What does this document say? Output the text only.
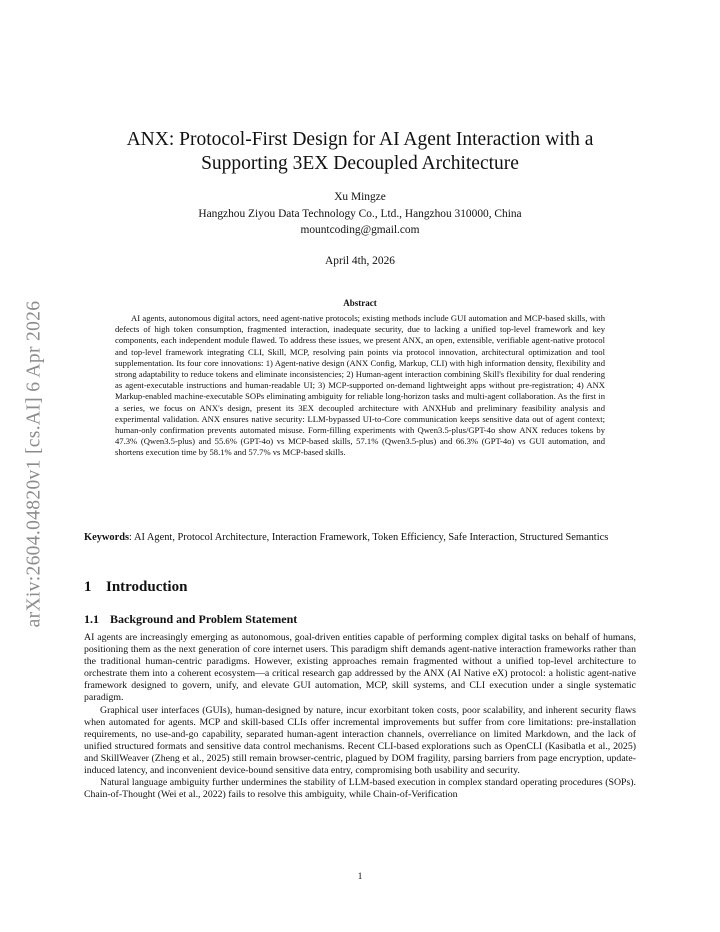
arXiv:2604.04820v1 [cs.AI] 6 Apr 2026
ANX: Protocol-First Design for AI Agent Interaction with a
Supporting 3EX Decoupled Architecture
Xu Mingze
Hangzhou Ziyou Data Technology Co., Ltd., Hangzhou 310000, China
mountcoding@gmail.com
April 4th, 2026
Abstract

AI agents, autonomous digital actors, need agent-native protocols; existing methods include GUI automation and MCP-based skills, with defects of high token consumption, fragmented interaction, inadequate security, due to lacking a unified top-level framework and key components, each independent module flawed. To address these issues, we present ANX, an open, extensible, verifiable agent-native protocol and top-level framework integrating CLI, Skill, MCP, resolving pain points via protocol innovation, architectural optimization and tool supplementation. Its four core innovations: 1) Agent-native design (ANX Config, Markup, CLI) with high information density, flexibility and strong adaptability to reduce tokens and eliminate inconsistencies; 2) Human-agent interaction combining Skill's flexibility for dual rendering as agent-executable instructions and human-readable UI; 3) MCP-supported on-demand lightweight apps without pre-registration; 4) ANX Markup-enabled machine-executable SOPs eliminating ambiguity for reliable long-horizon tasks and multi-agent collaboration. As the first in a series, we focus on ANX's design, present its 3EX decoupled architecture with ANXHub and preliminary feasibility analysis and experimental validation. ANX ensures native security: LLM-bypassed UI-to-Core communication keeps sensitive data out of agent context; human-only confirmation prevents automated misuse. Form-filling experiments with Qwen3.5-plus/GPT-4o show ANX reduces tokens by 47.3% (Qwen3.5-plus) and 55.6% (GPT-4o) vs MCP-based skills, 57.1% (Qwen3.5-plus) and 66.3% (GPT-4o) vs GUI automation, and shortens execution time by 58.1% and 57.7% vs MCP-based skills.

Keywords: AI Agent, Protocol Architecture, Interaction Framework, Token Efficiency, Safe Interaction, Structured Semantics

1 Introduction
1.1 Background and Problem Statement

AI agents are increasingly emerging as autonomous, goal-driven entities capable of performing complex digital tasks on behalf of humans, positioning them as the next generation of core internet users. This paradigm shift demands agent-native interaction frameworks rather than the traditional human-centric paradigms. However, existing approaches remain fragmented without a unified top-level architecture to orchestrate them into a coherent ecosystem—a critical research gap addressed by the ANX (AI Native eX) protocol: a holistic agent-native framework designed to govern, unify, and elevate GUI automation, MCP, skill systems, and CLI execution under a single systematic paradigm.

Graphical user interfaces (GUIs), human-designed by nature, incur exorbitant token costs, poor scalability, and inherent security flaws when automated for agents. MCP and skill-based CLIs offer incremental improvements but suffer from core limitations: pre-installation requirements, no use-and-go capability, separated human-agent interaction channels, overreliance on limited Markdown, and the lack of unified structured formats and sensitive data control mechanisms. Recent CLI-based explorations such as OpenCLI (Kasibatla et al., 2025) and SkillWeaver (Zheng et al., 2025) still remain browser-centric, plagued by DOM fragility, parsing barriers from page encryption, update-induced latency, and inconvenient device-bound sensitive data entry, compromising both usability and security.

Natural language ambiguity further undermines the stability of LLM-based execution in complex standard operating procedures (SOPs). Chain-of-Thought (Wei et al., 2022) fails to resolve this ambiguity, while Chain-of-Verification

1
